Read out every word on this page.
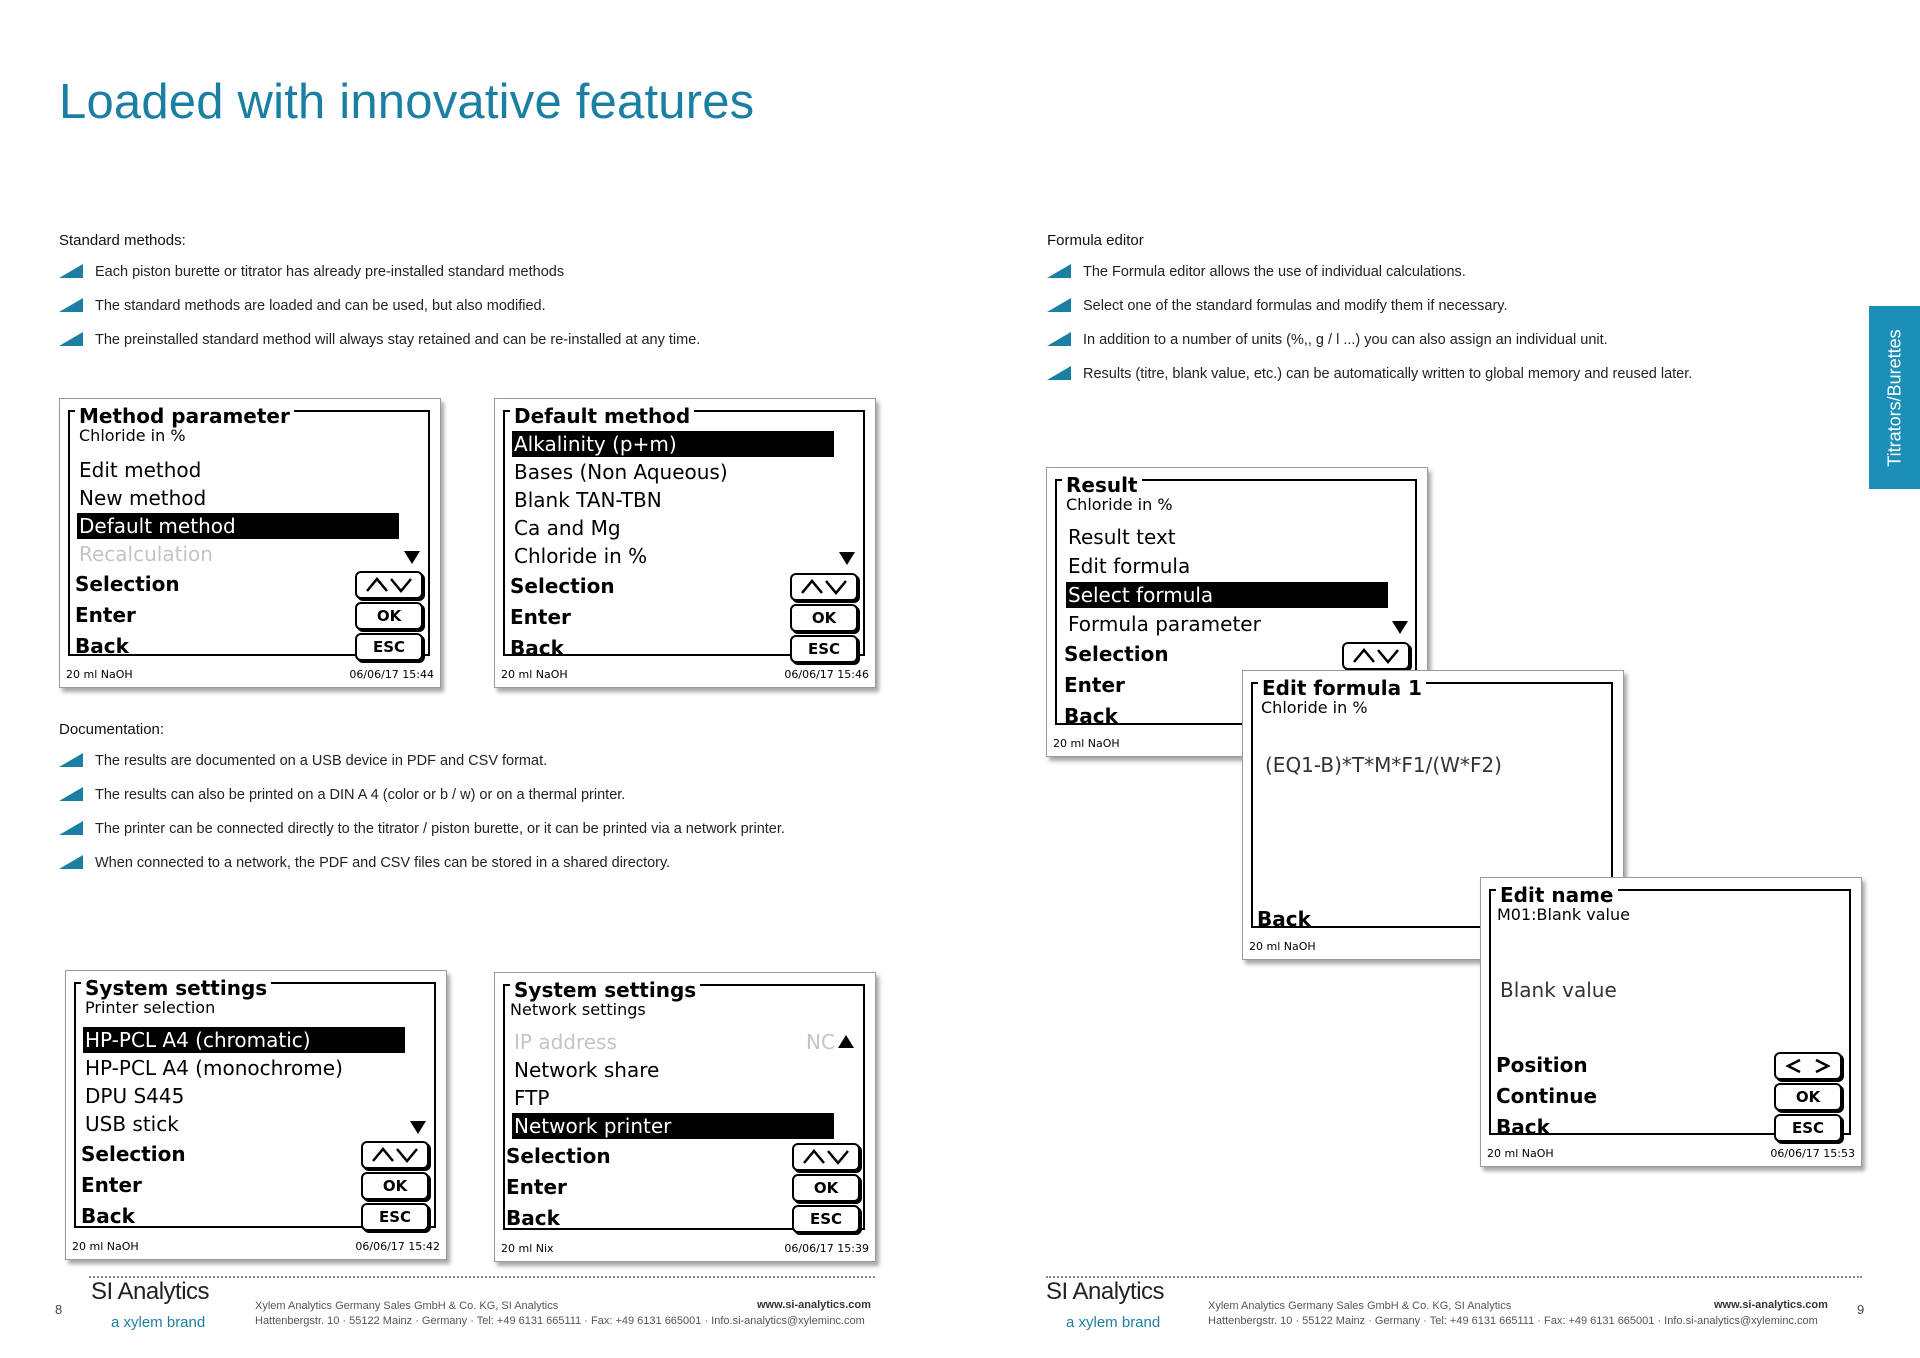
Loaded with innovative features

Standard methods:

Each piston burette or titrator has already pre-installed standard methods
The standard methods are loaded and can be used, but also modified.
The preinstalled standard method will always stay retained and can be re-installed at any time.

Documentation:

The results are documented on a USB device in PDF and CSV format.
The results can also be printed on a DIN A 4 (color or b / w) or on a thermal printer.
The printer can be connected directly to the titrator / piston burette, or it can be printed via a network printer.
When connected to a network, the PDF and CSV files can be stored in a shared directory.

Formula editor

The Formula editor allows the use of individual calculations.
Select one of the standard formulas and modify them if necessary.
In addition to a number of units (%,, g / l ...) you can also assign an individual unit.
Results (titre, blank value, etc.) can be automatically written to global memory and reused later.
Method parameter
Chloride in %
Edit method
New method
Default method
Recalculation
Selection
Enter	OK
Back	ESC
20 ml NaOH	06/06/17 15:44
Default method
Alkalinity (p+m)
Bases (Non Aqueous)
Blank TAN-TBN
Ca and Mg
Chloride in %
Selection
Enter	OK
Back	ESC
20 ml NaOH	06/06/17 15:46
System settings
Printer selection
HP-PCL A4 (chromatic)
HP-PCL A4 (monochrome)
DPU S445
USB stick
Selection
Enter	OK
Back	ESC
20 ml NaOH	06/06/17 15:42
System settings
Network settings
IP address	NC
Network share
FTP
Network printer
Selection
Enter	OK
Back	ESC
20 ml Nix	06/06/17 15:39
Result
Chloride in %
Result text
Edit formula
Select formula
Formula parameter
Selection
Enter
Back
20 ml NaOH
Edit formula 1
Chloride in %
(EQ1-B)*T*M*F1/(W*F2)
Back
20 ml NaOH
Edit name
M01:Blank value
Blank value
Position
Continue	OK
Back	ESC
20 ml NaOH	06/06/17 15:53
Titrators/Burettes
8
SI Analytics
a xylem brand
Xylem Analytics Germany Sales GmbH & Co. KG, SI Analytics
Hattenbergstr. 10 · 55122 Mainz · Germany · Tel: +49 6131 665111 · Fax: +49 6131 665001 · Info.si-analytics@xyleminc.com
www.si-analytics.com	SI Analytics
a xylem brand
Xylem Analytics Germany Sales GmbH & Co. KG, SI Analytics
Hattenbergstr. 10 · 55122 Mainz · Germany · Tel: +49 6131 665111 · Fax: +49 6131 665001 · Info.si-analytics@xyleminc.com
www.si-analytics.com 9
